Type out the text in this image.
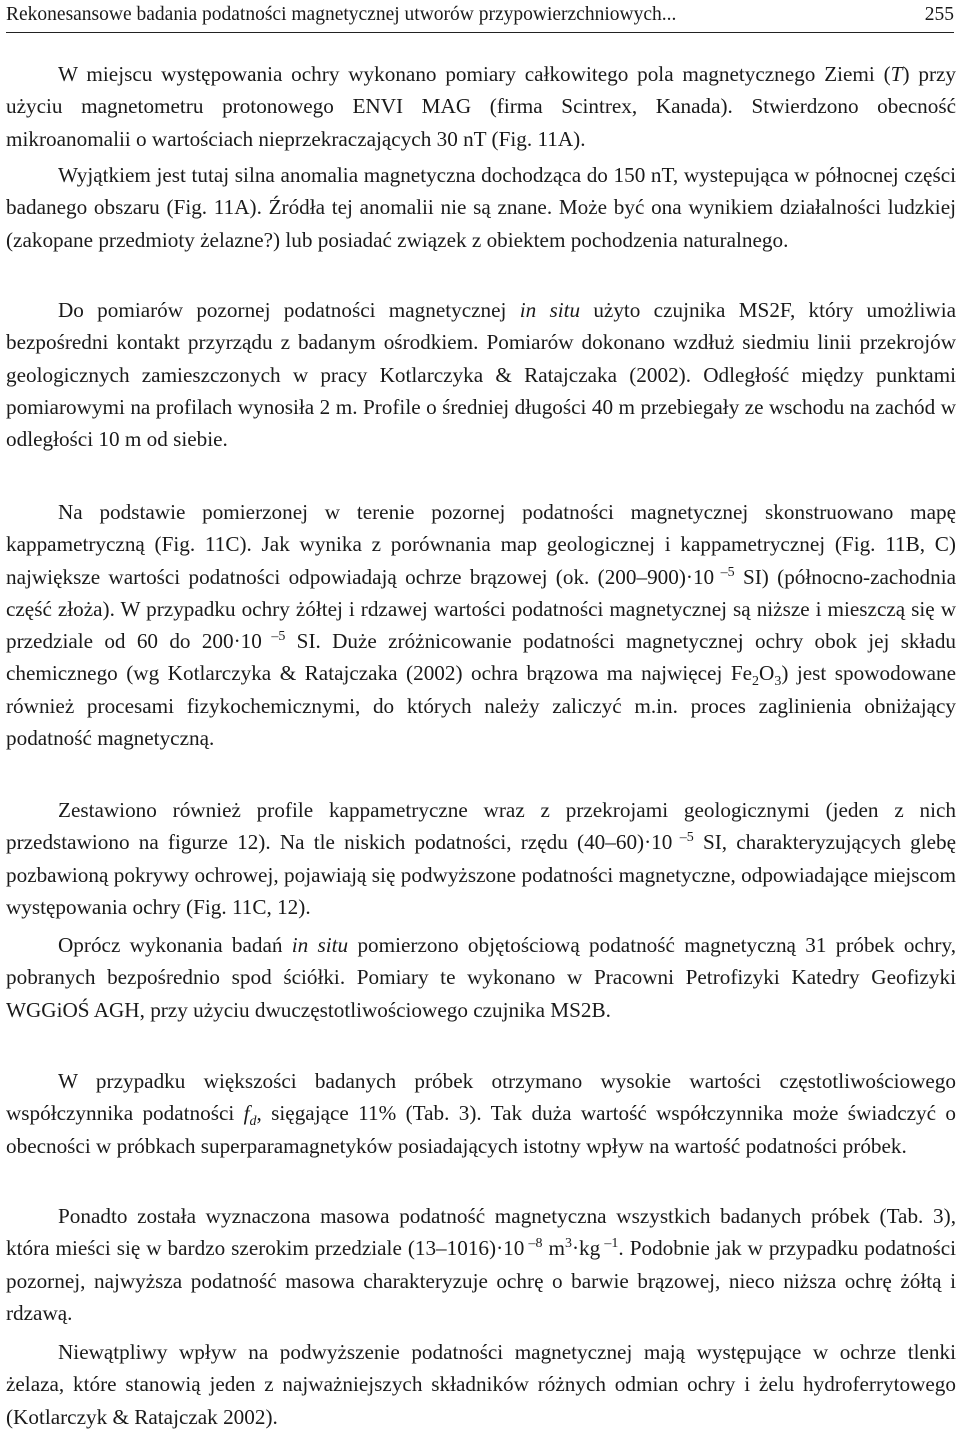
Rekonesansowe badania podatności magnetycznej utworów przypowierzchniowych...	255

W miejscu występowania ochry wykonano pomiary całkowitego pola magnetycznego Ziemi (T) przy użyciu magnetometru protonowego ENVI MAG (firma Scintrex, Kanada). Stwierdzono obecność mikroanomalii o wartościach nieprzekraczających 30 nT (Fig. 11A).

Wyjątkiem jest tutaj silna anomalia magnetyczna dochodząca do 150 nT, wystepująca w północnej części badanego obszaru (Fig. 11A). Źródła tej anomalii nie są znane. Może być ona wynikiem działalności ludzkiej (zakopane przedmioty żelazne?) lub posiadać związek z obiektem pochodzenia naturalnego.

Do pomiarów pozornej podatności magnetycznej in situ użyto czujnika MS2F, który umożliwia bezpośredni kontakt przyrządu z badanym ośrodkiem. Pomiarów dokonano wzdłuż siedmiu linii przekrojów geologicznych zamieszczonych w pracy Kotlarczyka & Ratajczaka (2002). Odległość między punktami pomiarowymi na profilach wynosiła 2 m. Profile o średniej długości 40 m przebiegały ze wschodu na zachód w odległości 10 m od siebie.

Na podstawie pomierzonej w terenie pozornej podatności magnetycznej skonstruowano mapę kappametryczną (Fig. 11C). Jak wynika z porównania map geologicznej i kappametrycznej (Fig. 11B, C) największe wartości podatności odpowiadają ochrze brązowej (ok. (200–900)·10 $^{-5}$ SI) (północno-zachodnia część złoża). W przypadku ochry żółtej i rdzawej wartości podatności magnetycznej są niższe i mieszczą się w przedziale od 60 do 200·10 $^{-5}$ SI. Duże zróżnicowanie podatności magnetycznej ochry obok jej składu chemicznego (wg Kotlarczyka & Ratajczaka (2002) ochra brązowa ma najwięcej $Fe_2O_3$) jest spowodowane również procesami fizykochemicznymi, do których należy zaliczyć m.in. proces zaglinienia obniżający podatność magnetyczną.

Zestawiono również profile kappametryczne wraz z przekrojami geologicznymi (jeden z nich przedstawiono na figurze 12). Na tle niskich podatności, rzędu (40–60)·10 $^{-5}$ SI, charakteryzujących glebę pozbawioną pokrywy ochrowej, pojawiają się podwyższone podatności magnetyczne, odpowiadające miejscom występowania ochry (Fig. 11C, 12).

Oprócz wykonania badań in situ pomierzono objętościową podatność magnetyczną 31 próbek ochry, pobranych bezpośrednio spod ściółki. Pomiary te wykonano w Pracowni Petrofizyki Katedry Geofizyki WGGiOŚ AGH, przy użyciu dwuczęstotliwościowego czujnika MS2B.

W przypadku większości badanych próbek otrzymano wysokie wartości częstotliwościowego współczynnika podatności $f_d$, sięgające 11% (Tab. 3). Tak duża wartość współczynnika może świadczyć o obecności w próbkach superparamagnetyków posiadających istotny wpływ na wartość podatności próbek.

Ponadto została wyznaczona masowa podatność magnetyczna wszystkich badanych próbek (Tab. 3), która mieści się w bardzo szerokim przedziale (13–1016)·10 $^{-8}$ $m^3\cdot kg$ $^{-1}$. Podobnie jak w przypadku podatności pozornej, najwyższa podatność masowa charakteryzuje ochrę o barwie brązowej, nieco niższa ochrę żółtą i rdzawą.

Niewątpliwy wpływ na podwyższenie podatności magnetycznej mają występujące w ochrze tlenki żelaza, które stanowią jeden z najważniejszych składników różnych odmian ochry i żelu hydroferrytowego (Kotlarczyk & Ratajczak 2002).
